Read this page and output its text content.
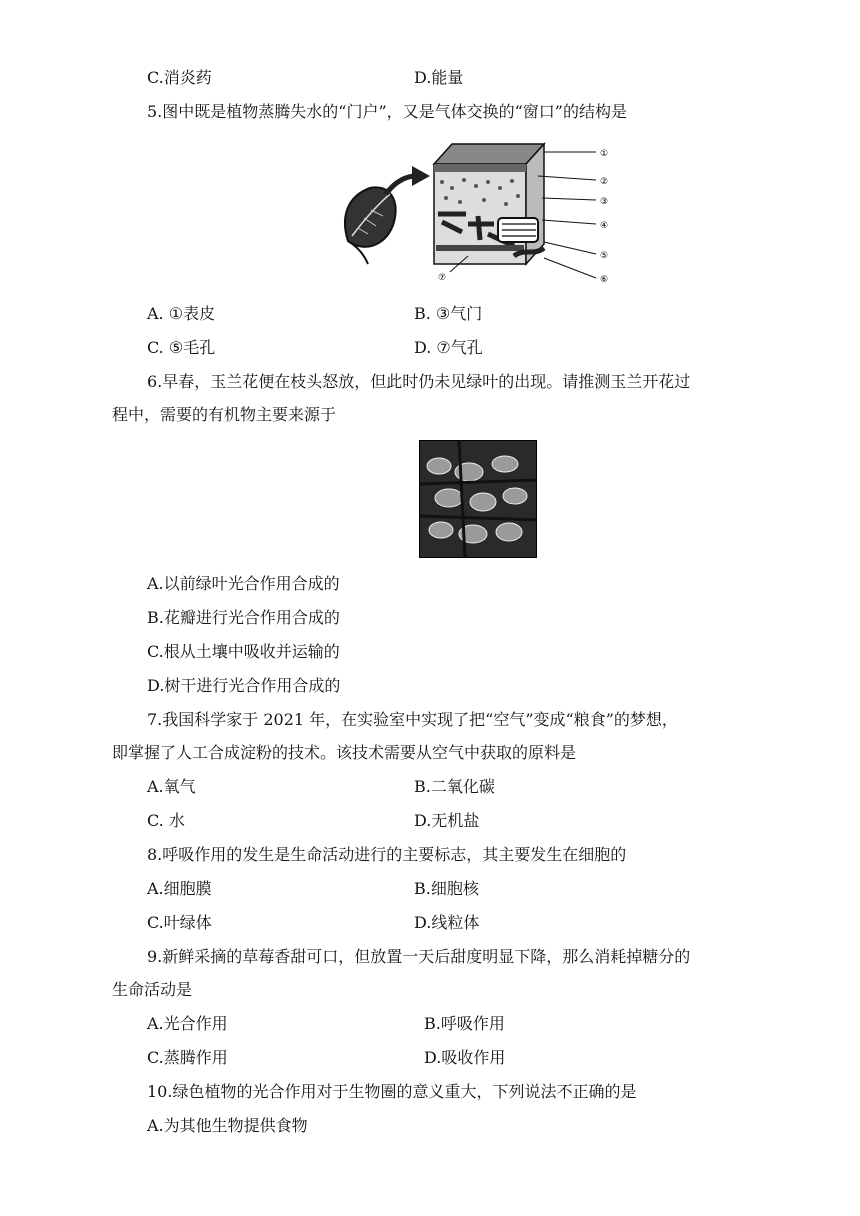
C.消炎药	D.能量
5.图中既是植物蒸腾失水的“门户”，又是气体交换的“窗口”的结构是
①
②
③
④
⑤
⑥
⑦
A. ①表皮	B. ③气门
C. ⑤毛孔	D. ⑦气孔
6.早春，玉兰花便在枝头怒放，但此时仍未见绿叶的出现。请推测玉兰开花过
程中，需要的有机物主要来源于
A.以前绿叶光合作用合成的
B.花瓣进行光合作用合成的
C.根从土壤中吸收并运输的
D.树干进行光合作用合成的
7.我国科学家于 2021 年，在实验室中实现了把“空气”变成“粮食”的梦想，
即掌握了人工合成淀粉的技术。该技术需要从空气中获取的原料是
A.氧气	B.二氧化碳
C. 水	D.无机盐
8.呼吸作用的发生是生命活动进行的主要标志，其主要发生在细胞的
A.细胞膜	B.细胞核
C.叶绿体	D.线粒体
9.新鲜采摘的草莓香甜可口，但放置一天后甜度明显下降，那么消耗掉糖分的
生命活动是
A.光合作用	B.呼吸作用
C.蒸腾作用	D.吸收作用
10.绿色植物的光合作用对于生物圈的意义重大，下列说法不正确的是
A.为其他生物提供食物
